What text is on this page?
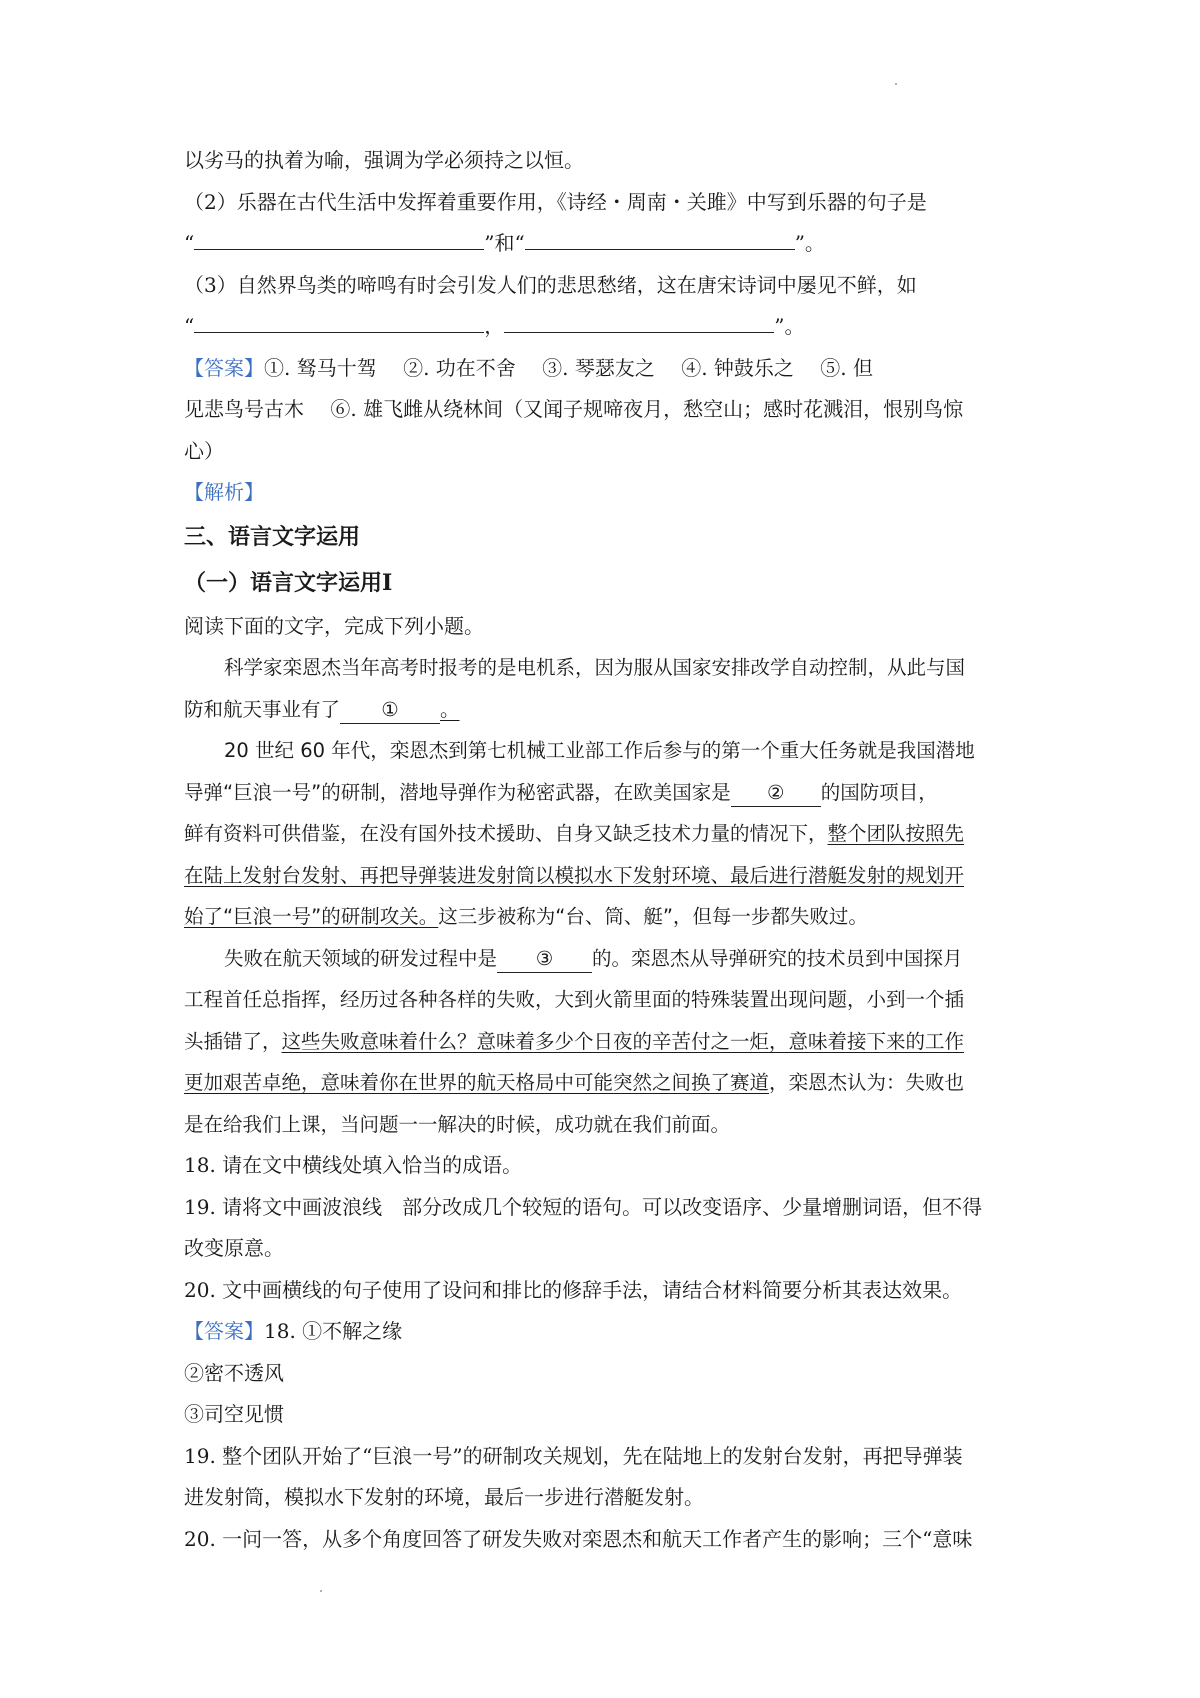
以劣马的执着为喻，强调为学必须持之以恒。
（2）乐器在古代生活中发挥着重要作用，《诗经・周南・关雎》中写到乐器的句子是
“	”和“	”。
（3）自然界鸟类的啼鸣有时会引发人们的悲思愁绪，这在唐宋诗词中屡见不鲜，如
“	，	”。
【答案】①. 驽马十驾　 ②. 功在不舍　 ③. 琴瑟友之　 ④. 钟鼓乐之　 ⑤. 但
见悲鸟号古木　 ⑥. 雄飞雌从绕林间（又闻子规啼夜月，愁空山；感时花溅泪，恨别鸟惊
心）
【解析】
三、语言文字运用
（一）语言文字运用Ⅰ
阅读下面的文字，完成下列小题。
科学家栾恩杰当年高考时报考的是电机系，因为服从国家安排改学自动控制，从此与国
防和航天事业有了 ① 。
20 世纪 60 年代，栾恩杰到第七机械工业部工作后参与的第一个重大任务就是我国潜地
导弹“巨浪一号”的研制，潜地导弹作为秘密武器，在欧美国家是 ② 的国防项目，
鲜有资料可供借鉴，在没有国外技术援助、自身又缺乏技术力量的情况下，整个团队按照先
在陆上发射台发射、再把导弹装进发射筒以模拟水下发射环境、最后进行潜艇发射的规划开
始了“巨浪一号”的研制攻关。这三步被称为“台、筒、艇”，但每一步都失败过。
失败在航天领域的研发过程中是 ③ 的。栾恩杰从导弹研究的技术员到中国探月
工程首任总指挥，经历过各种各样的失败，大到火箭里面的特殊装置出现问题，小到一个插
头插错了，这些失败意味着什么？意味着多少个日夜的辛苦付之一炬，意味着接下来的工作
更加艰苦卓绝，意味着你在世界的航天格局中可能突然之间换了赛道，栾恩杰认为：失败也
是在给我们上课，当问题一一解决的时候，成功就在我们前面。
18. 请在文中横线处填入恰当的成语。
19. 请将文中画波浪线　部分改成几个较短的语句。可以改变语序、少量增删词语，但不得
改变原意。
20. 文中画横线的句子使用了设问和排比的修辞手法，请结合材料简要分析其表达效果。
【答案】18. ①不解之缘
②密不透风
③司空见惯
19. 整个团队开始了“巨浪一号”的研制攻关规划，先在陆地上的发射台发射，再把导弹装
进发射筒，模拟水下发射的环境，最后一步进行潜艇发射。
20. 一问一答，从多个角度回答了研发失败对栾恩杰和航天工作者产生的影响；三个“意味
